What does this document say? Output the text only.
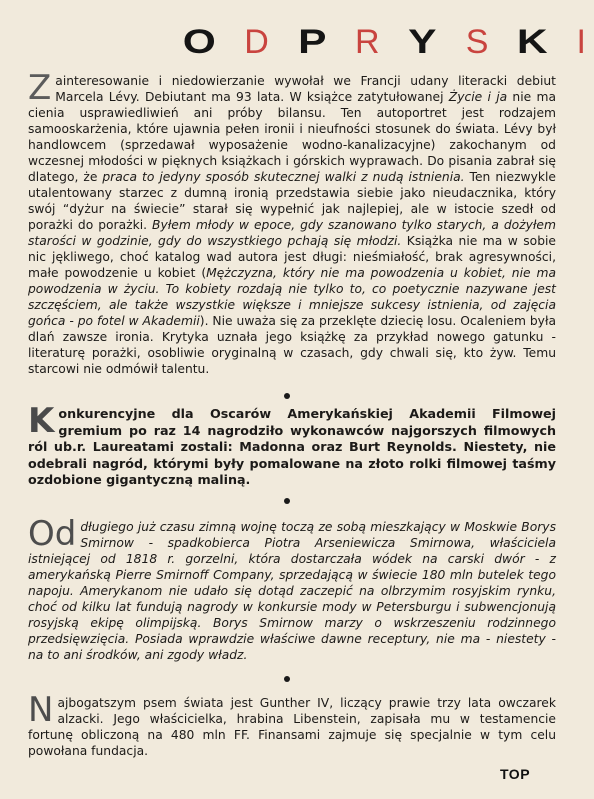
O D P R Y S K I

Zainteresowanie i niedowierzanie wywołał we Francji udany literacki debiut Marcela Lévy. Debiutant ma 93 lata. W książce zatytułowanej Życie i ja nie ma cienia usprawiedliwień ani próby bilansu. Ten autoportret jest rodzajem samooskarżenia, które ujawnia pełen ironii i nieufności stosunek do świata. Lévy był handlowcem (sprzedawał wyposażenie wodno-kanalizacyjne) zakochanym od wczesnej młodości w pięknych książkach i górskich wyprawach. Do pisania zabrał się dlatego, że praca to jedyny sposób skutecznej walki z nudą istnienia. Ten niezwykle utalentowany starzec z dumną ironią przedstawia siebie jako nieudacznika, który swój “dyżur na świecie” starał się wypełnić jak najlepiej, ale w istocie szedł od porażki do porażki. Byłem młody w epoce, gdy szanowano tylko starych, a dożyłem starości w godzinie, gdy do wszystkiego pchają się młodzi. Książka nie ma w sobie nic jękliwego, choć katalog wad autora jest długi: nieśmiałość, brak agresywności, małe powodzenie u kobiet (Mężczyzna, który nie ma powodzenia u kobiet, nie ma powodzenia w życiu. To kobiety rozdają nie tylko to, co poetycznie nazywane jest szczęściem, ale także wszystkie większe i mniejsze sukcesy istnienia, od zajęcia gońca - po fotel w Akademii). Nie uważa się za przeklęte dziecię losu. Ocaleniem była dlań zawsze ironia. Krytyka uznała jego książkę za przykład nowego gatunku - literaturę porażki, osobliwie oryginalną w czasach, gdy chwali się, kto żyw. Temu starcowi nie odmówił talentu.

Konkurencyjne dla Oscarów Amerykańskiej Akademii Filmowej gremium po raz 14 nagrodziło wykonawców najgorszych filmowych ról ub.r. Laureatami zostali: Madonna oraz Burt Reynolds. Niestety, nie odebrali nagród, którymi były pomalowane na złoto rolki filmowej taśmy ozdobione gigantyczną maliną.

Od długiego już czasu zimną wojnę toczą ze sobą mieszkający w Moskwie Borys Smirnow - spadkobierca Piotra Arseniewicza Smirnowa, właściciela istniejącej od 1818 r. gorzelni, która dostarczała wódek na carski dwór - z amerykańską Pierre Smirnoff Company, sprzedającą w świecie 180 mln butelek tego napoju. Amerykanom nie udało się dotąd zaczepić na olbrzymim rosyjskim rynku, choć od kilku lat fundują nagrody w konkursie mody w Petersburgu i subwencjonują rosyjską ekipę olimpijską. Borys Smirnow marzy o wskrzeszeniu rodzinnego przedsięwzięcia. Posiada wprawdzie właściwe dawne receptury, nie ma - niestety - na to ani środków, ani zgody władz.

Najbogatszym psem świata jest Gunther IV, liczący prawie trzy lata owczarek alzacki. Jego właścicielka, hrabina Libenstein, zapisała mu w testamencie fortunę obliczoną na 480 mln FF. Finansami zajmuje się specjalnie w tym celu powołana fundacja.

TOP
